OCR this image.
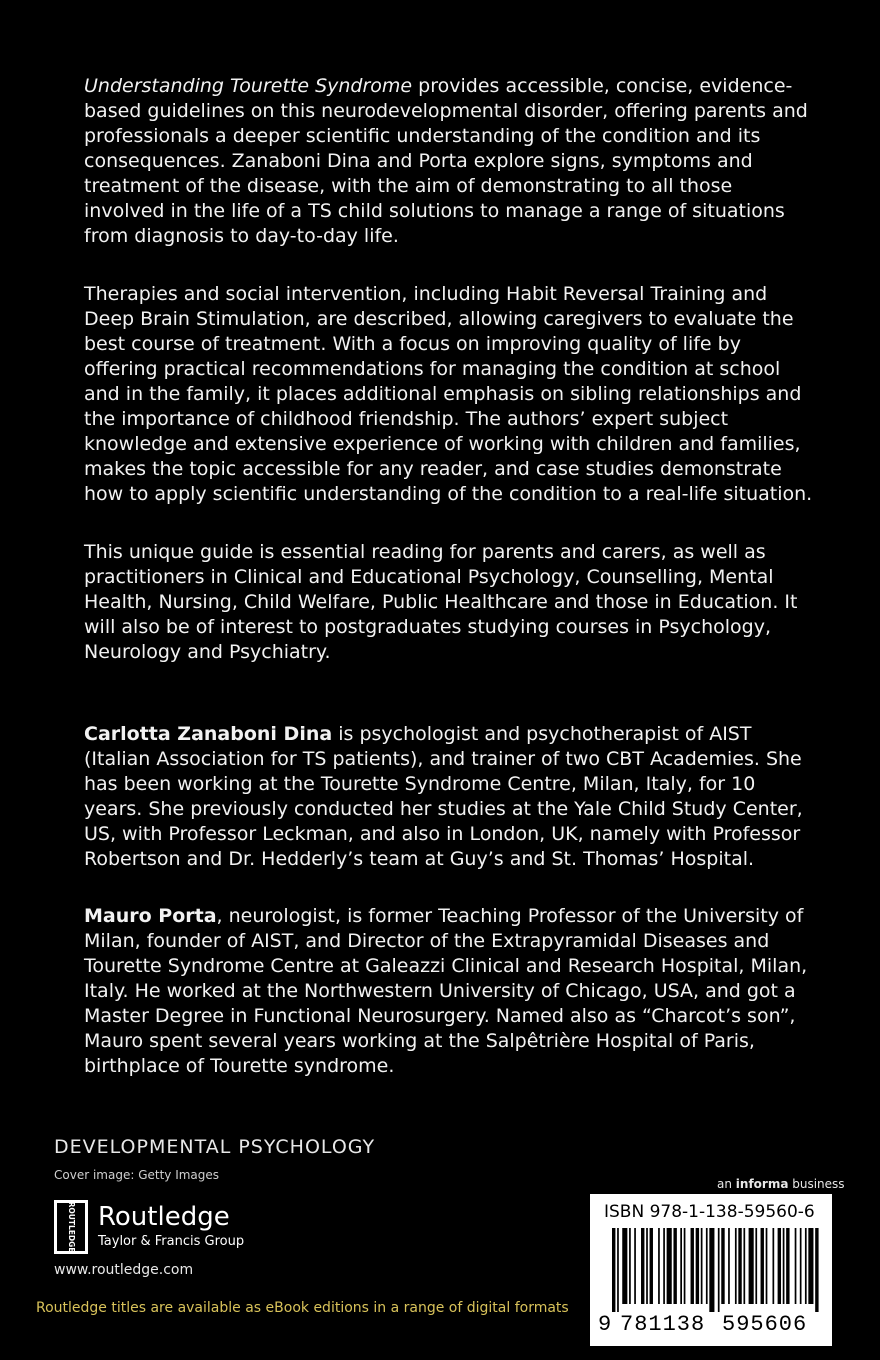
Understanding Tourette Syndrome provides accessible, concise, evidence-based guidelines on this neurodevelopmental disorder, offering parents and professionals a deeper scientific understanding of the condition and its consequences. Zanaboni Dina and Porta explore signs, symptoms and treatment of the disease, with the aim of demonstrating to all those involved in the life of a TS child solutions to manage a range of situations from diagnosis to day-to-day life.

Therapies and social intervention, including Habit Reversal Training and Deep Brain Stimulation, are described, allowing caregivers to evaluate the best course of treatment. With a focus on improving quality of life by offering practical recommendations for managing the condition at school and in the family, it places additional emphasis on sibling relationships and the importance of childhood friendship. The authors’ expert subject knowledge and extensive experience of working with children and families, makes the topic accessible for any reader, and case studies demonstrate how to apply scientific understanding of the condition to a real-life situation.

This unique guide is essential reading for parents and carers, as well as practitioners in Clinical and Educational Psychology, Counselling, Mental Health, Nursing, Child Welfare, Public Healthcare and those in Education. It will also be of interest to postgraduates studying courses in Psychology, Neurology and Psychiatry.

Carlotta Zanaboni Dina is psychologist and psychotherapist of AIST (Italian Association for TS patients), and trainer of two CBT Academies. She has been working at the Tourette Syndrome Centre, Milan, Italy, for 10 years. She previously conducted her studies at the Yale Child Study Center, US, with Professor Leckman, and also in London, UK, namely with Professor Robertson and Dr. Hedderly’s team at Guy’s and St. Thomas’ Hospital.

Mauro Porta, neurologist, is former Teaching Professor of the University of Milan, founder of AIST, and Director of the Extrapyramidal Diseases and Tourette Syndrome Centre at Galeazzi Clinical and Research Hospital, Milan, Italy. He worked at the Northwestern University of Chicago, USA, and got a Master Degree in Functional Neurosurgery. Named also as “Charcot’s son”, Mauro spent several years working at the Salpêtrière Hospital of Paris, birthplace of Tourette syndrome.

DEVELOPMENTAL PSYCHOLOGY
Cover image: Getty Images
an informa business
ROUTLEDGE Routledge
Taylor & Francis Group
www.routledge.com
Routledge titles are available as eBook editions in a range of digital formats
ISBN 978-1-138-59560-6
9 781138 595606
